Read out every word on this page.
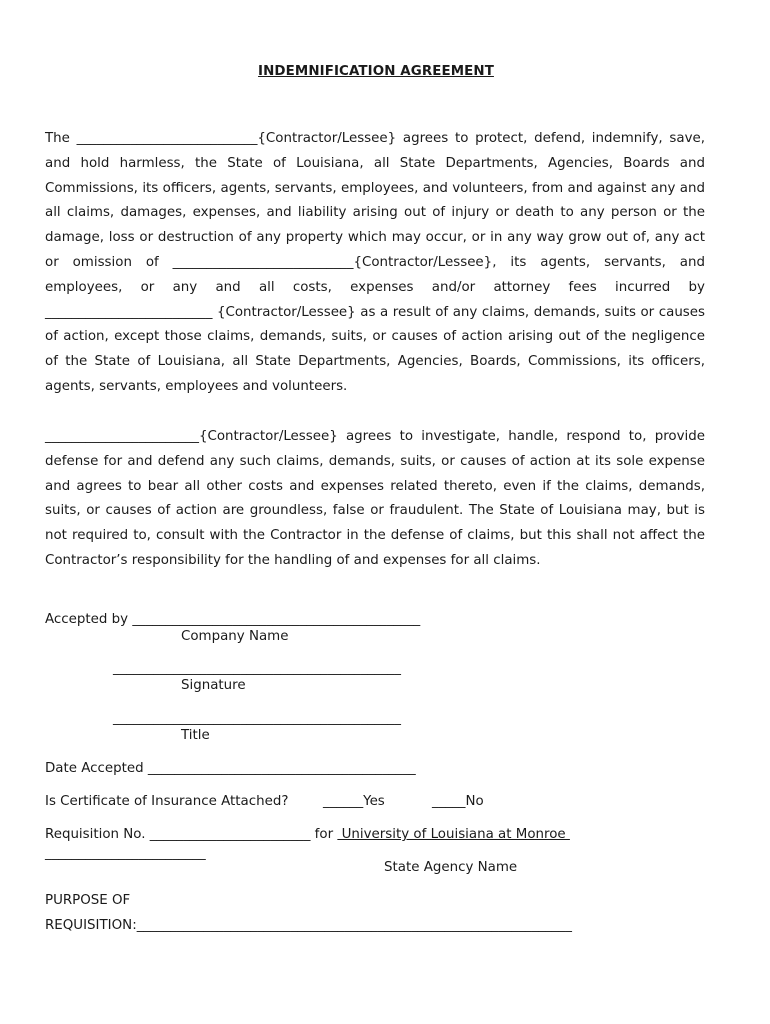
INDEMNIFICATION AGREEMENT

The ___________________________{Contractor/Lessee} agrees to protect, defend, indemnify, save, and hold harmless, the State of Louisiana, all State Departments, Agencies, Boards and Commissions, its officers, agents, servants, employees, and volunteers, from and against any and all claims, damages, expenses, and liability arising out of injury or death to any person or the damage, loss or destruction of any property which may occur, or in any way grow out of, any act or omission of ___________________________{Contractor/Lessee}, its agents, servants, and employees, or any and all costs, expenses and/or attorney fees incurred by _________________________ {Contractor/Lessee} as a result of any claims, demands, suits or causes of action, except those claims, demands, suits, or causes of action arising out of the negligence of the State of Louisiana, all State Departments, Agencies, Boards, Commissions, its officers, agents, servants, employees and volunteers.

_______________________{Contractor/Lessee} agrees to investigate, handle, respond to, provide defense for and defend any such claims, demands, suits, or causes of action at its sole expense and agrees to bear all other costs and expenses related thereto, even if the claims, demands, suits, or causes of action are groundless, false or fraudulent. The State of Louisiana may, but is not required to, consult with the Contractor in the defense of claims, but this shall not affect the Contractor’s responsibility for the handling of and expenses for all claims.

Accepted by ___________________________________________
Company Name
___________________________________________
Signature
___________________________________________
Title
Date Accepted ________________________________________
Is Certificate of Insurance Attached?	______Yes	_____No
Requisition No. ________________________ for  University of Louisiana at Monroe
________________________
State Agency Name
PURPOSE OF
REQUISITION:_________________________________________________________________
